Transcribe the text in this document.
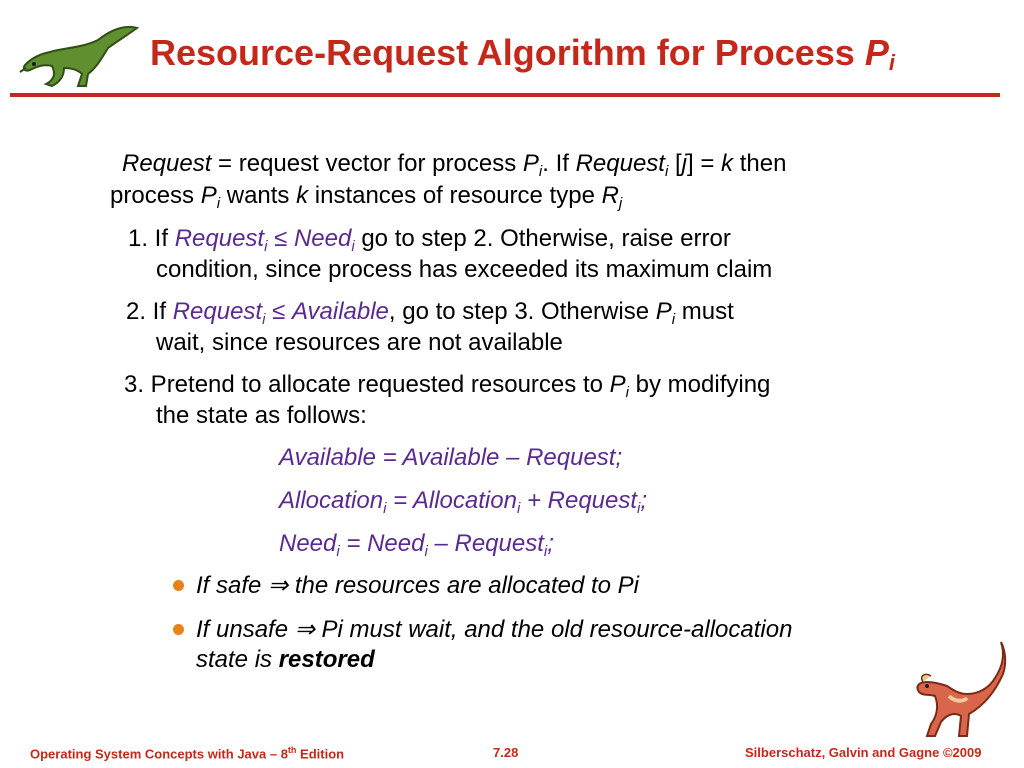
Resource-Request Algorithm for Process $P_i$
Request = request vector for process $P_i$. If Request$_i$ [j] = k then
process $P_i$ wants k instances of resource type $R_j$
1. If Request$_i$ ≤ Need$_i$ go to step 2. Otherwise, raise error
condition, since process has exceeded its maximum claim
2. If Request$_i$ ≤ Available, go to step 3. Otherwise $P_i$ must
wait, since resources are not available
3. Pretend to allocate requested resources to $P_i$ by modifying
the state as follows:
Available = Available – Request;
Allocation$_i$ = Allocation$_i$ + Request$_i$;
Need$_i$ = Need$_i$ – Request$_i$;
If safe ⇒ the resources are allocated to Pi
If unsafe ⇒ Pi must wait, and the old resource-allocation
state is restored
Operating System Concepts with Java – 8th Edition	7.28	Silberschatz, Galvin and Gagne ©2009
